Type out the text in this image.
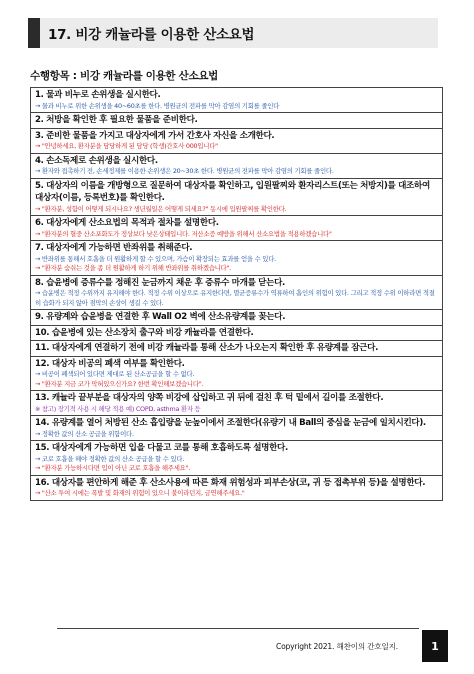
17. 비강 캐뉼라를 이용한 산소요법
수행항목 : 비강 캐뉼라를 이용한 산소요법
1. 물과 비누로 손위생을 실시한다.
→ 물과 비누로 위한 손위생을 40~60초를 한다. 병원균의 전파를 막아 감염의 기회를 줄인다
2. 처방을 확인한 후 필요한 물품을 준비한다.
3. 준비한 물품을 가지고 대상자에게 가서 간호사 자신을 소개한다.
→ "안녕하세요, 환자분을 담당하게 된 담당 (학생)간호사 000입니다"
4. 손소독제로 손위생을 실시한다.
→ 환자와 접촉하기 전, 손세정제를 이용한 손위생은 20~30초 한다. 병원균의 전파를 막아 감염의 기회를 줄인다.
5. 대상자의 이름을 개방형으로 질문하여 대상자를 확인하고, 입원팔찌와 환자리스트(또는 처방지)를 대조하여 대상자(이름, 등록번호)를 확인한다.
→ "환자분, 성함이 어떻게 되시나요? 생년월일은 어떻게 되세요?" 동시에 입원팔찌를 확인한다.
6. 대상자에게 산소요법의 목적과 절차를 설명한다.
→ "환자분의 혈중 산소포화도가 정상보다 낮은상태입니다. 저산소증 예방을 위해서 산소요법을 적용하겠습니다"
7. 대상자에게 가능하면 반좌위를 취해준다.
→ 반좌위를 통해서 호흡을 더 원활하게 할 수 있으며, 가슴이 확장되는 효과를 얻을 수 있다.
→ "환자분 숨쉬는 것을 좀 더 원활하게 하기 위해 반좌위를 취하겠습니다".
8. 습윤병에 증류수를 정해진 눈금까지 채운 후 증류수 마개를 닫는다.
→ 습윤병은 적정 수위까지 유지해야 한다. 적정 수위 이상으로 유지한다면, 멸균증류수가 역류하여 흡인의 위험이 있다. 그리고 적정 수위 이하라면 적절히 습화가 되지 않아 점막의 손상이 생길 수 있다.
9. 유량계와 습윤병을 연결한 후 Wall O2 벽에 산소유량계를 꽂는다.
10. 습윤병에 있는 산소장치 출구와 비강 캐뉼라를 연결한다.
11. 대상자에게 연결하기 전에 비강 캐뉼라를 통해 산소가 나오는지 확인한 후 유량계를 잠근다.
12. 대상자 비공의 폐색 여부를 확인한다.
→ 비공이 폐색되어 있다면 제대로 된 산소공급을 할 수 없다.
→ "환자분 지금 코가 막혀있으신가요? 한번 확인해보겠습니다".
13. 캐뉼라 끝부분을 대상자의 양쪽 비강에 삽입하고 귀 뒤에 걸친 후 턱 밑에서 길이를 조절한다.
※ 참고) 장기적 사용 시 해당 적용 예) COPD, asthma 환자 등
14. 유량계를 열어 처방된 산소 흡입량을 눈높이에서 조절한다(유량기 내 Ball의 중심을 눈금에 일치시킨다).
→ 정확한 값의 산소 공급을 위함이다.
15. 대상자에게 가능하면 입을 다물고 코를 통해 호흡하도록 설명한다.
→ 코로 호흡을 해야 정확한 값의 산소 공급을 할 수 있다.
→ "환자분 가능하시다면 입이 아닌 코로 호흡을 해주세요".
16. 대상자를 편안하게 해준 후 산소사용에 따른 화재 위험성과 피부손상(코, 귀 등 접촉부위 등)을 설명한다.
→ "산소 투여 시에는 폭발 및 화재의 위험이 있으니 불이라던지, 금연해주세요."
Copyright 2021. 해찬이의 간호일지.	1
